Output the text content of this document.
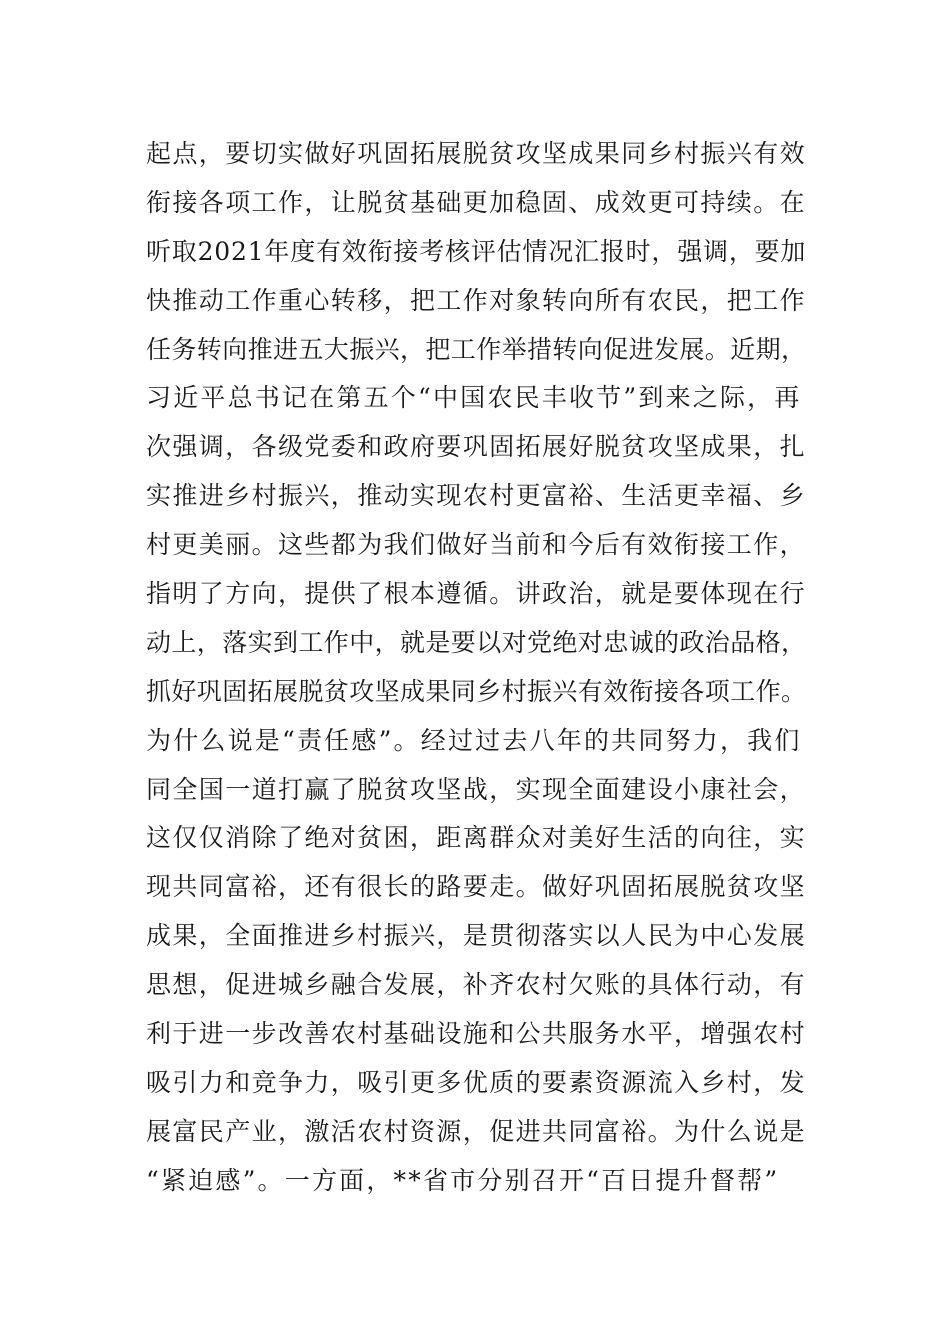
起点，要切实做好巩固拓展脱贫攻坚成果同乡村振兴有效
衔接各项工作，让脱贫基础更加稳固、成效更可持续。在
听取2021年度有效衔接考核评估情况汇报时，强调，要加
快推动工作重心转移，把工作对象转向所有农民，把工作
任务转向推进五大振兴，把工作举措转向促进发展。近期，
习近平总书记在第五个“中国农民丰收节”到来之际，再
次强调，各级党委和政府要巩固拓展好脱贫攻坚成果，扎
实推进乡村振兴，推动实现农村更富裕、生活更幸福、乡
村更美丽。这些都为我们做好当前和今后有效衔接工作，
指明了方向，提供了根本遵循。讲政治，就是要体现在行
动上，落实到工作中，就是要以对党绝对忠诚的政治品格，
抓好巩固拓展脱贫攻坚成果同乡村振兴有效衔接各项工作。
为什么说是“责任感”。经过过去八年的共同努力，我们
同全国一道打赢了脱贫攻坚战，实现全面建设小康社会，
这仅仅消除了绝对贫困，距离群众对美好生活的向往，实
现共同富裕，还有很长的路要走。做好巩固拓展脱贫攻坚
成果，全面推进乡村振兴，是贯彻落实以人民为中心发展
思想，促进城乡融合发展，补齐农村欠账的具体行动，有
利于进一步改善农村基础设施和公共服务水平，增强农村
吸引力和竞争力，吸引更多优质的要素资源流入乡村，发
展富民产业，激活农村资源，促进共同富裕。为什么说是
“紧迫感”。一方面，**省市分别召开“百日提升督帮”
